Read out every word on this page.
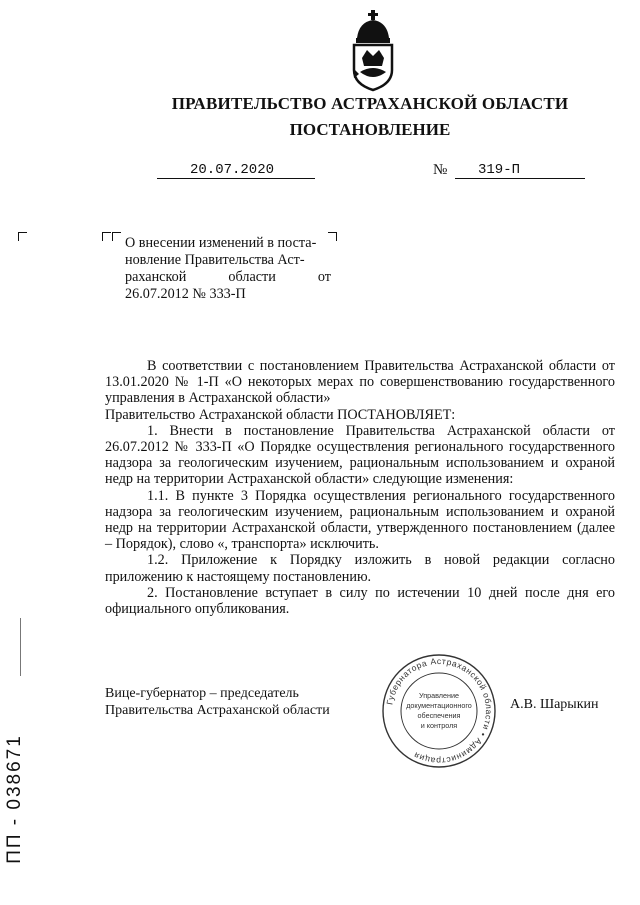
ПРАВИТЕЛЬСТВО АСТРАХАНСКОЙ ОБЛАСТИ
ПОСТАНОВЛЕНИЕ
20.07.2020	№ 319-П
О внесении изменений в поста-
новление Правительства Аст-
раханской области от
26.07.2012 № 333-П

В соответствии с постановлением Правительства Астраханской области от 13.01.2020 № 1-П «О некоторых мерах по совершенствованию государственного управления в Астраханской области»

Правительство Астраханской области ПОСТАНОВЛЯЕТ:

1. Внести в постановление Правительства Астраханской области от 26.07.2012 № 333-П «О Порядке осуществления регионального государственного надзора за геологическим изучением, рациональным использованием и охраной недр на территории Астраханской области» следующие изменения:

1.1. В пункте 3 Порядка осуществления регионального государственного надзора за геологическим изучением, рациональным использованием и охраной недр на территории Астраханской области, утвержденного постановлением (далее – Порядок), слово «, транспорта» исключить.

1.2. Приложение к Порядку изложить в новой редакции согласно приложению к настоящему постановлению.

2. Постановление вступает в силу по истечении 10 дней после дня его официального опубликования.

Вице-губернатор – председатель
Правительства Астраханской области
Губернатора Астраханской области • Администрация
Управление
документационного
обеспечения
и контроля
А.В. Шарыкин
ПП - 038671
